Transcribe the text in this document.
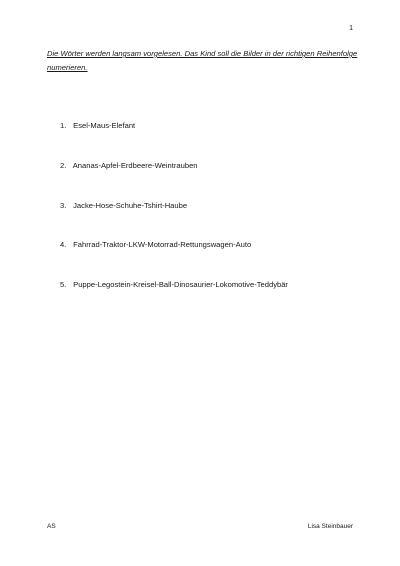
1
Die Wörter werden langsam vorgelesen. Das Kind soll die Bilder in der richtigen Reihenfolge numerieren.
1. Esel-Maus-Elefant
2. Ananas-Apfel-Erdbeere-Weintrauben
3. Jacke-Hose-Schuhe-Tshirt-Haube
4. Fahrrad-Traktor-LKW-Motorrad-Rettungswagen-Auto
5. Puppe-Legostein-Kreisel-Ball-Dinosaurier-Lokomotive-Teddybär
AS	Lisa Steinbauer
